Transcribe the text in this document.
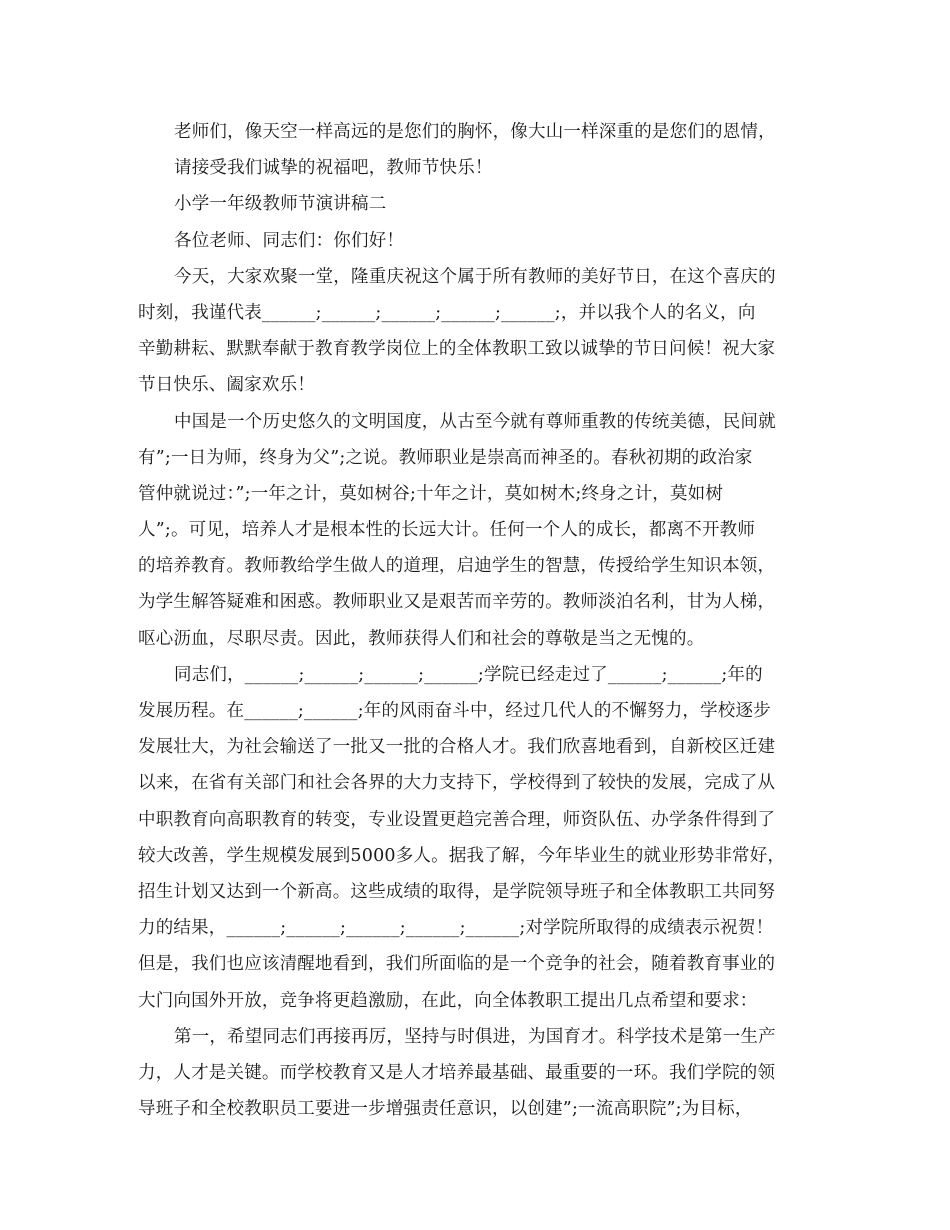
老师们，像天空一样高远的是您们的胸怀，像大山一样深重的是您们的恩情，
请接受我们诚挚的祝福吧，教师节快乐！
小学一年级教师节演讲稿二
各位老师、同志们：你们好！
今天，大家欢聚一堂，隆重庆祝这个属于所有教师的美好节日，在这个喜庆的
时刻，我谨代表______;______;______;______;______;，并以我个人的名义，向
辛勤耕耘、默默奉献于教育教学岗位上的全体教职工致以诚挚的节日问候！祝大家
节日快乐、阖家欢乐！
中国是一个历史悠久的文明国度，从古至今就有尊师重教的传统美德，民间就
有”;一日为师，终身为父”;之说。教师职业是崇高而神圣的。春秋初期的政治家
管仲就说过：”;一年之计，莫如树谷;十年之计，莫如树木;终身之计，莫如树
人”;。可见，培养人才是根本性的长远大计。任何一个人的成长，都离不开教师
的培养教育。教师教给学生做人的道理，启迪学生的智慧，传授给学生知识本领，
为学生解答疑难和困惑。教师职业又是艰苦而辛劳的。教师淡泊名利，甘为人梯，
呕心沥血，尽职尽责。因此，教师获得人们和社会的尊敬是当之无愧的。
同志们，______;______;______;______;学院已经走过了______;______;年的
发展历程。在______;______;年的风雨奋斗中，经过几代人的不懈努力，学校逐步
发展壮大，为社会输送了一批又一批的合格人才。我们欣喜地看到，自新校区迁建
以来，在省有关部门和社会各界的大力支持下，学校得到了较快的发展，完成了从
中职教育向高职教育的转变，专业设置更趋完善合理，师资队伍、办学条件得到了
较大改善，学生规模发展到5000多人。据我了解，今年毕业生的就业形势非常好，
招生计划又达到一个新高。这些成绩的取得，是学院领导班子和全体教职工共同努
力的结果，______;______;______;______;______;对学院所取得的成绩表示祝贺！
但是，我们也应该清醒地看到，我们所面临的是一个竞争的社会，随着教育事业的
大门向国外开放，竞争将更趋激励，在此，向全体教职工提出几点希望和要求：
第一，希望同志们再接再厉，坚持与时俱进，为国育才。科学技术是第一生产
力，人才是关键。而学校教育又是人才培养最基础、最重要的一环。我们学院的领
导班子和全校教职员工要进一步增强责任意识，以创建”;一流高职院”;为目标，
